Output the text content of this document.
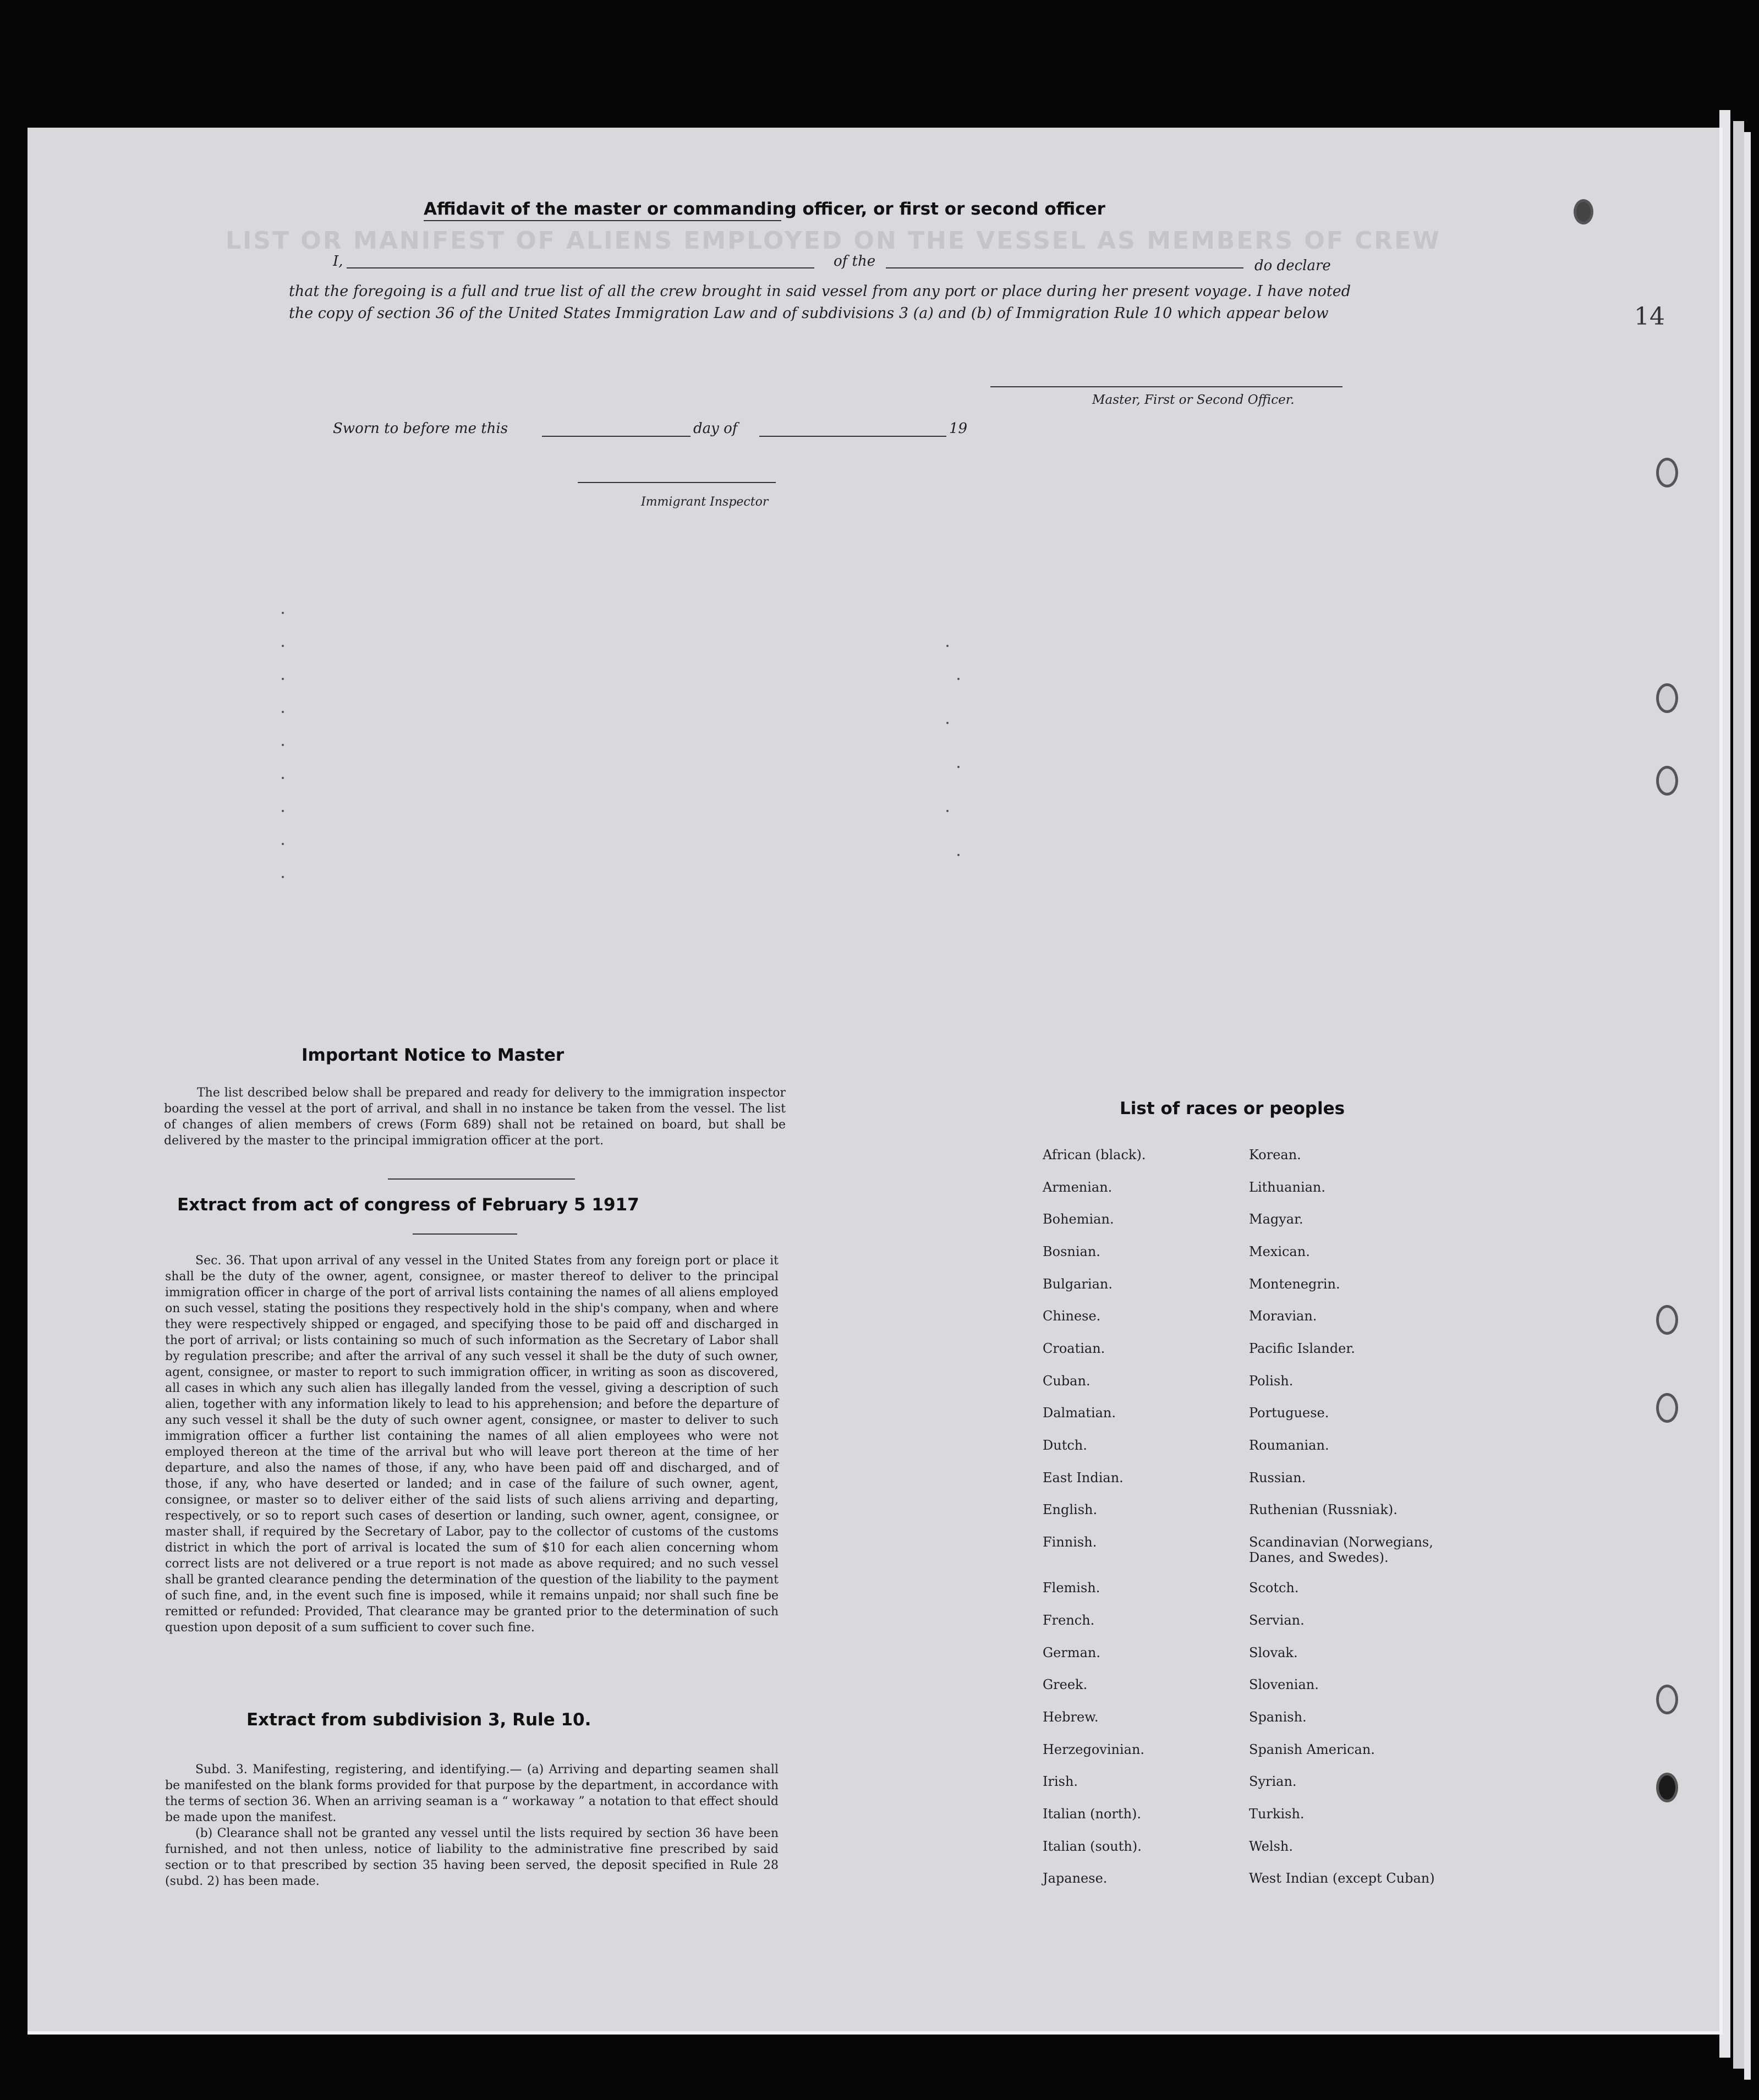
LIST OR MANIFEST OF ALIENS EMPLOYED ON THE VESSEL AS MEMBERS OF CREW
Affidavit of the master or commanding officer, or first or second officer
I,	of the	do declare
that the foregoing is a full and true list of all the crew brought in said vessel from any port or place during her present voyage. I have noted the copy of section 36 of the United States Immigration Law and of subdivisions 3 (a) and (b) of Immigration Rule 10 which appear below
Master, First or Second Officer.
Sworn to before me this	day of	19
Immigrant Inspector
Important Notice to Master

The list described below shall be prepared and ready for delivery to the immigration inspector boarding the vessel at the port of arrival, and shall in no instance be taken from the vessel. The list of changes of alien members of crews (Form 689) shall not be retained on board, but shall be delivered by the master to the principal immigration officer at the port.

Extract from act of congress of February 5 1917

Sec. 36. That upon arrival of any vessel in the United States from any foreign port or place it shall be the duty of the owner, agent, consignee, or master thereof to deliver to the principal immigration officer in charge of the port of arrival lists containing the names of all aliens employed on such vessel, stating the positions they respectively hold in the ship's company, when and where they were respectively shipped or engaged, and specifying those to be paid off and discharged in the port of arrival; or lists containing so much of such information as the Secretary of Labor shall by regulation prescribe; and after the arrival of any such vessel it shall be the duty of such owner, agent, consignee, or master to report to such immigration officer, in writing as soon as discovered, all cases in which any such alien has illegally landed from the vessel, giving a description of such alien, together with any information likely to lead to his apprehension; and before the departure of any such vessel it shall be the duty of such owner agent, consignee, or master to deliver to such immigration officer a further list containing the names of all alien employees who were not employed thereon at the time of the arrival but who will leave port thereon at the time of her departure, and also the names of those, if any, who have been paid off and discharged, and of those, if any, who have deserted or landed; and in case of the failure of such owner, agent, consignee, or master so to deliver either of the said lists of such aliens arriving and departing, respectively, or so to report such cases of desertion or landing, such owner, agent, consignee, or master shall, if required by the Secretary of Labor, pay to the collector of customs of the customs district in which the port of arrival is located the sum of $10 for each alien concerning whom correct lists are not delivered or a true report is not made as above required; and no such vessel shall be granted clearance pending the determination of the question of the liability to the payment of such fine, and, in the event such fine is imposed, while it remains unpaid; nor shall such fine be remitted or refunded: Provided, That clearance may be granted prior to the determination of such question upon deposit of a sum sufficient to cover such fine.

Extract from subdivision 3, Rule 10.

Subd. 3. Manifesting, registering, and identifying.— (a) Arriving and departing seamen shall be manifested on the blank forms provided for that purpose by the department, in accordance with the terms of section 36. When an arriving seaman is a “ workaway ” a notation to that effect should be made upon the manifest.

(b) Clearance shall not be granted any vessel until the lists required by section 36 have been furnished, and not then unless, notice of liability to the administrative fine prescribed by said section or to that prescribed by section 35 having been served, the deposit specified in Rule 28 (subd. 2) has been made.

List of races or peoples
African (black).
Armenian.
Bohemian.
Bosnian.
Bulgarian.
Chinese.
Croatian.
Cuban.
Dalmatian.
Dutch.
East Indian.
English.
Finnish.
Flemish.
French.
German.
Greek.
Hebrew.
Herzegovinian.
Irish.
Italian (north).
Italian (south).
Japanese.
Korean.
Lithuanian.
Magyar.
Mexican.
Montenegrin.
Moravian.
Pacific Islander.
Polish.
Portuguese.
Roumanian.
Russian.
Ruthenian (Russniak).
Scandinavian (Norwegians, Danes, and Swedes).
Scotch.
Servian.
Slovak.
Slovenian.
Spanish.
Spanish American.
Syrian.
Turkish.
Welsh.
West Indian (except Cuban)
14
